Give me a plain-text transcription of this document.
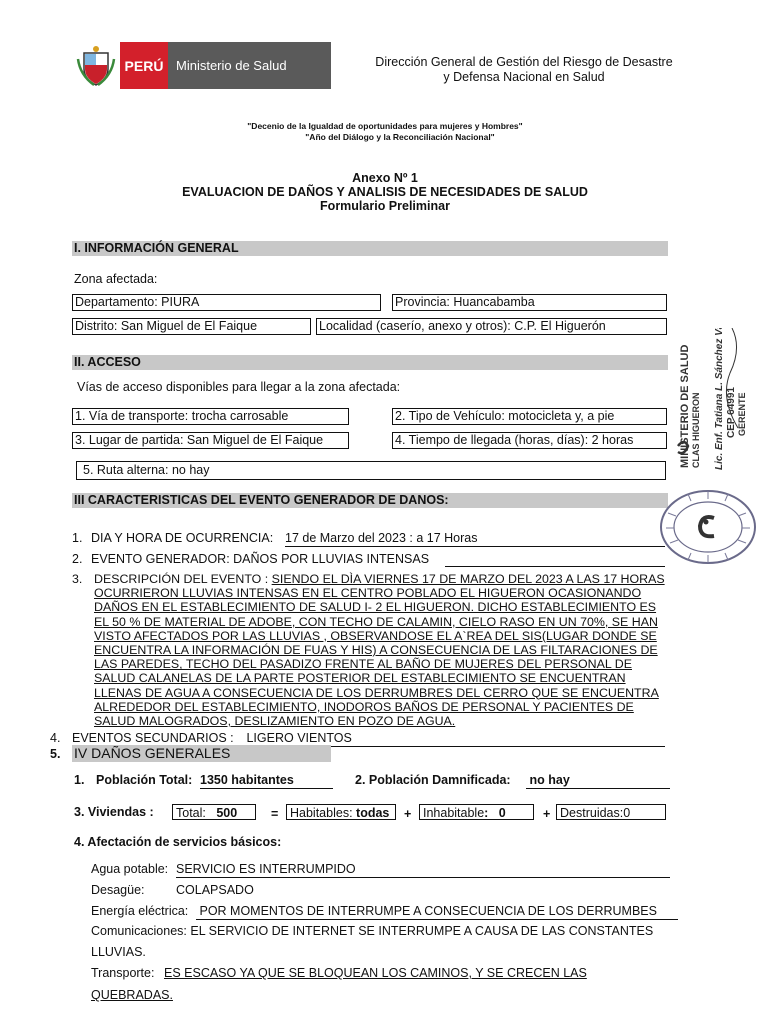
PERÚ Ministerio de Salud	Dirección General de Gestión del Riesgo de Desastre
y Defensa Nacional en Salud
"Decenio de la Igualdad de oportunidades para mujeres y Hombres"
"Año del Diálogo y la Reconciliación Nacional"
Anexo Nº 1
EVALUACION DE DAÑOS Y ANALISIS DE NECESIDADES DE SALUD
Formulario Preliminar
I. INFORMACIÓN GENERAL
Zona afectada:
Departamento: PIURA	Provincia: Huancabamba
Distrito: San Miguel de El Faique	Localidad (caserío, anexo y otros): C.P. El Higuerón
II. ACCESO
Vías de acceso disponibles para llegar a la zona afectada:
1. Vía de transporte: trocha carrosable	2. Tipo de Vehículo: motocicleta y, a pie
3. Lugar de partida: San Miguel de El Faique	4. Tiempo de llegada (horas, días): 2 horas
5. Ruta alterna: no hay
III CARACTERISTICAS DEL EVENTO GENERADOR DE DANOS:
1. DIA Y HORA DE OCURRENCIA: 17 de Marzo del 2023 : a 17 Horas
2. EVENTO GENERADOR: DAÑOS POR LLUVIAS INTENSAS
3. DESCRIPCIÓN DEL EVENTO : SIENDO EL DÌA VIERNES 17 DE MARZO DEL 2023 A LAS 17 HORAS
OCURRIERON LLUVIAS INTENSAS EN EL CENTRO POBLADO EL HIGUERON OCASIONANDO
DAÑOS EN EL ESTABLECIMIENTO DE SALUD I- 2 EL HIGUERON. DICHO ESTABLECIMIENTO ES
EL 50 % DE MATERIAL DE ADOBE, CON TECHO DE CALAMIN, CIELO RASO EN UN 70%, SE HAN
VISTO AFECTADOS POR LAS LLUVIAS , OBSERVANDOSE EL A`REA DEL SIS(LUGAR DONDE SE
ENCUENTRA LA INFORMACIÓN DE FUAS Y HIS) A CONSECUENCIA DE LAS FILTARACIONES DE
LAS PAREDES, TECHO DEL PASADIZO FRENTE AL BAÑO DE MUJERES DEL PERSONAL DE
SALUD CALANELAS DE LA PARTE POSTERIOR DEL ESTABLECIMIENTO SE ENCUENTRAN
LLENAS DE AGUA A CONSECUENCIA DE LOS DERRUMBRES DEL CERRO QUE SE ENCUENTRA
ALREDEDOR DEL ESTABLECIMIENTO, INODOROS BAÑOS DE PERSONAL Y PACIENTES DE
SALUD MALOGRADOS, DESLIZAMIENTO EN POZO DE AGUA.
4. EVENTOS SECUNDARIOS : LIGERO VIENTOS
5. IV DAÑOS GENERALES
1. Población Total: 1350 habitantes	2. Población Damnificada: no hay
3. Viviendas :	Total: 500	= Habitables: todas	+ Inhabitable: 0	+ Destruidas:0
4. Afectación de servicios básicos:
Agua potable: SERVICIO ES INTERRUMPIDO
Desagüe:	COLAPSADO
Energía eléctrica: POR MOMENTOS DE INTERRUMPE A CONSECUENCIA DE LOS DERRUMBES
Comunicaciones: EL SERVICIO DE INTERNET SE INTERRUMPE A CAUSA DE LAS CONSTANTES
LLUVIAS.
Transporte: ES ESCASO YA QUE SE BLOQUEAN LOS CAMINOS, Y SE CRECEN LAS
QUEBRADAS.
MINISTERIO DE SALUD CLAS HIGUERON Lic. Enf. Tatiana L. Sánchez Vásquez CEP 64991 GERENTE
